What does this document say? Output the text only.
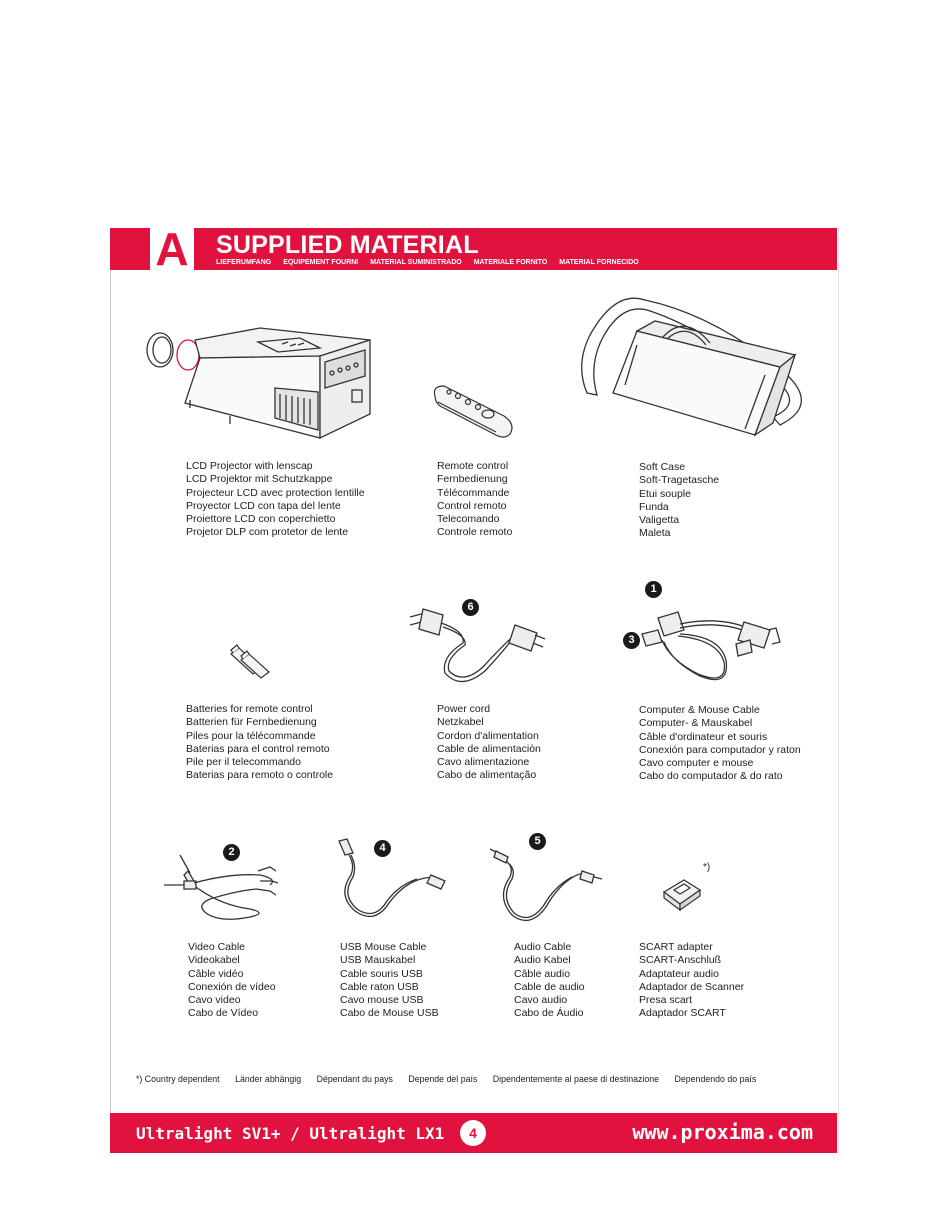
A SUPPLIED MATERIAL
LIEFERUMFANG EQUIPEMENT FOURNI MATERIAL SUMINISTRADO MATERIALE FORNITO MATERIAL FORNECIDO
LCD Projector with lenscap
LCD Projektor mit Schutzkappe
Projecteur LCD avec protection lentille
Proyector LCD con tapa del lente
Proiettore LCD con coperchietto
Projetor DLP com protetor de lente
Remote control
Fernbedienung
Télécommande
Control remoto
Telecomando
Controle remoto
Soft Case
Soft-Tragetasche
Etui souple
Funda
Valigetta
Maleta
6
1
3
Batteries for remote control
Batterien für Fernbedienung
Piles pour la télécommande
Baterias para el control remoto
Pile per il telecommando
Baterias para remoto o controle
Power cord
Netzkabel
Cordon d'alimentation
Cable de alimentaciòn
Cavo alimentazione
Cabo de alimentação
Computer & Mouse Cable
Computer- & Mauskabel
Câble d'ordinateur et souris
Conexión para computador y raton
Cavo computer e mouse
Cabo do computador & do rato
2	4
5
*)
Video Cable
Videokabel
Câble vidéo
Conexión de vídeo
Cavo video
Cabo de Vídeo
USB Mouse Cable
USB Mauskabel
Cable souris USB
Cable raton USB
Cavo mouse USB
Cabo de Mouse USB
Audio Cable
Audio Kabel
Câble audio
Cable de audio
Cavo audio
Cabo de Áudio
SCART adapter
SCART-Anschluß
Adaptateur audio
Adaptador de Scanner
Presa scart
Adaptador SCART
*) Country dependent Länder abhängig Dépendant du pays Depende del país Dipendentemente al paese di destinazione Dependendo do país
Ultralight SV1+ / Ultralight LX1	4	www.proxima.com
